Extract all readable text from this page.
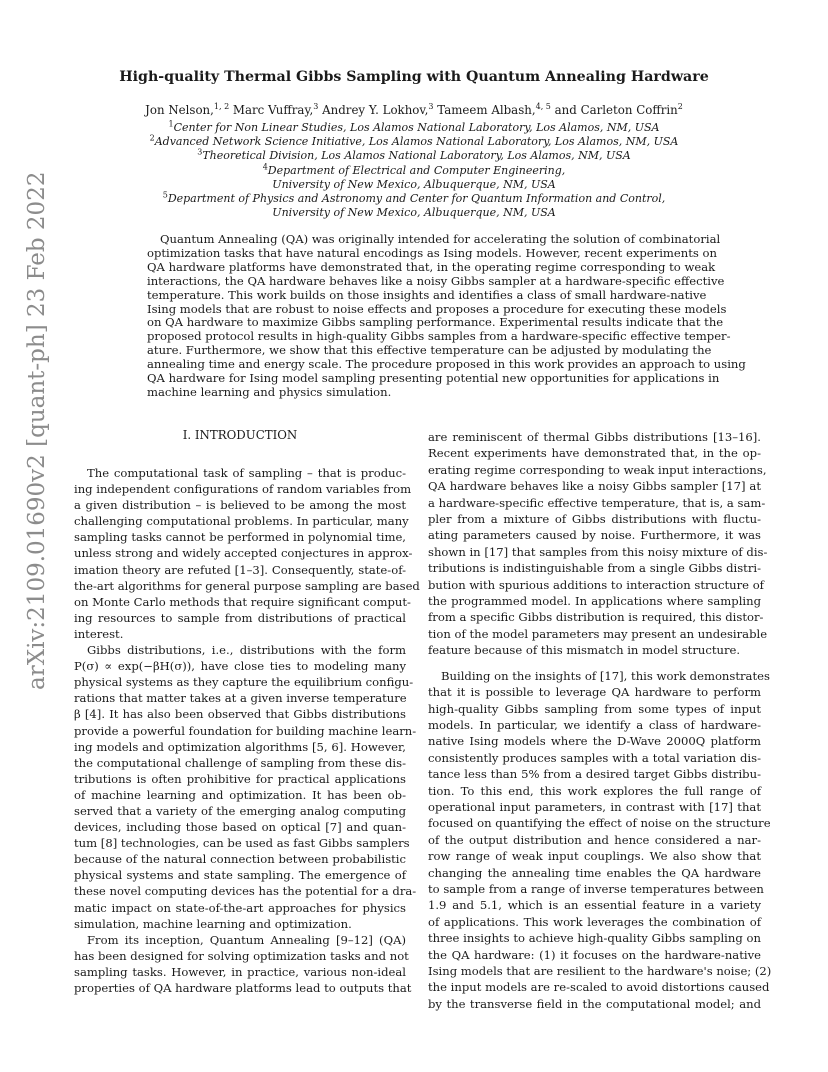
arXiv:2109.01690v2 [quant-ph] 23 Feb 2022
High-quality Thermal Gibbs Sampling with Quantum Annealing Hardware
Jon Nelson,$^{1, 2}$ Marc Vuffray,$^3$ Andrey Y. Lokhov,$^3$ Tameem Albash,$^{4, 5}$ and Carleton Coffrin$^2$
$^1$Center for Non Linear Studies, Los Alamos National Laboratory, Los Alamos, NM, USA
$^2$Advanced Network Science Initiative, Los Alamos National Laboratory, Los Alamos, NM, USA
$^3$Theoretical Division, Los Alamos National Laboratory, Los Alamos, NM, USA
$^4$Department of Electrical and Computer Engineering,
University of New Mexico, Albuquerque, NM, USA
$^5$Department of Physics and Astronomy and Center for Quantum Information and Control,
University of New Mexico, Albuquerque, NM, USA
Quantum Annealing (QA) was originally intended for accelerating the solution of combinatorial
optimization tasks that have natural encodings as Ising models. However, recent experiments on
QA hardware platforms have demonstrated that, in the operating regime corresponding to weak
interactions, the QA hardware behaves like a noisy Gibbs sampler at a hardware-specific effective
temperature. This work builds on those insights and identifies a class of small hardware-native
Ising models that are robust to noise effects and proposes a procedure for executing these models
on QA hardware to maximize Gibbs sampling performance. Experimental results indicate that the
proposed protocol results in high-quality Gibbs samples from a hardware-specific effective temper-
ature. Furthermore, we show that this effective temperature can be adjusted by modulating the
annealing time and energy scale. The procedure proposed in this work provides an approach to using
QA hardware for Ising model sampling presenting potential new opportunities for applications in
machine learning and physics simulation.
I. INTRODUCTION
The computational task of sampling – that is produc-
ing independent configurations of random variables from
a given distribution – is believed to be among the most
challenging computational problems. In particular, many
sampling tasks cannot be performed in polynomial time,
unless strong and widely accepted conjectures in approx-
imation theory are refuted [1–3]. Consequently, state-of-
the-art algorithms for general purpose sampling are based
on Monte Carlo methods that require significant comput-
ing resources to sample from distributions of practical
interest.
Gibbs distributions, i.e., distributions with the form
P(σ) ∝ exp(−βH(σ)), have close ties to modeling many
physical systems as they capture the equilibrium configu-
rations that matter takes at a given inverse temperature
β [4]. It has also been observed that Gibbs distributions
provide a powerful foundation for building machine learn-
ing models and optimization algorithms [5, 6]. However,
the computational challenge of sampling from these dis-
tributions is often prohibitive for practical applications
of machine learning and optimization. It has been ob-
served that a variety of the emerging analog computing
devices, including those based on optical [7] and quan-
tum [8] technologies, can be used as fast Gibbs samplers
because of the natural connection between probabilistic
physical systems and state sampling. The emergence of
these novel computing devices has the potential for a dra-
matic impact on state-of-the-art approaches for physics
simulation, machine learning and optimization.
From its inception, Quantum Annealing [9–12] (QA)
has been designed for solving optimization tasks and not
sampling tasks. However, in practice, various non-ideal
properties of QA hardware platforms lead to outputs that
are reminiscent of thermal Gibbs distributions [13–16].
Recent experiments have demonstrated that, in the op-
erating regime corresponding to weak input interactions,
QA hardware behaves like a noisy Gibbs sampler [17] at
a hardware-specific effective temperature, that is, a sam-
pler from a mixture of Gibbs distributions with fluctu-
ating parameters caused by noise. Furthermore, it was
shown in [17] that samples from this noisy mixture of dis-
tributions is indistinguishable from a single Gibbs distri-
bution with spurious additions to interaction structure of
the programmed model. In applications where sampling
from a specific Gibbs distribution is required, this distor-
tion of the model parameters may present an undesirable
feature because of this mismatch in model structure.
Building on the insights of [17], this work demonstrates
that it is possible to leverage QA hardware to perform
high-quality Gibbs sampling from some types of input
models. In particular, we identify a class of hardware-
native Ising models where the D-Wave 2000Q platform
consistently produces samples with a total variation dis-
tance less than 5% from a desired target Gibbs distribu-
tion. To this end, this work explores the full range of
operational input parameters, in contrast with [17] that
focused on quantifying the effect of noise on the structure
of the output distribution and hence considered a nar-
row range of weak input couplings. We also show that
changing the annealing time enables the QA hardware
to sample from a range of inverse temperatures between
1.9 and 5.1, which is an essential feature in a variety
of applications. This work leverages the combination of
three insights to achieve high-quality Gibbs sampling on
the QA hardware: (1) it focuses on the hardware-native
Ising models that are resilient to the hardware's noise; (2)
the input models are re-scaled to avoid distortions caused
by the transverse field in the computational model; and
